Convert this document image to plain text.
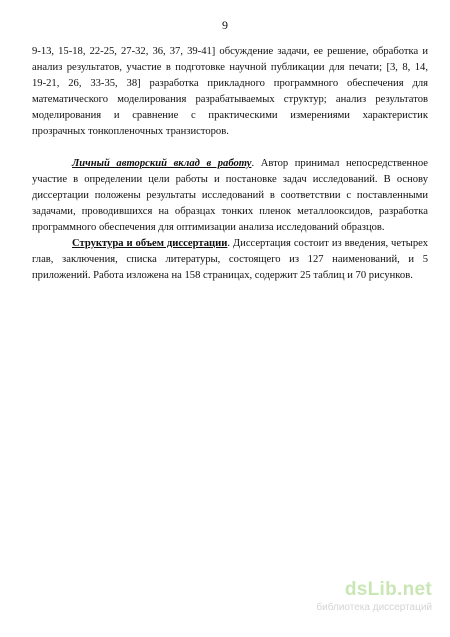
9
9-13, 15-18, 22-25, 27-32, 36, 37, 39-41] обсуждение задачи, ее решение, обработка и
анализ результатов, участие в подготовке научной публикации для печати; [3, 8, 14,
19-21, 26, 33-35, 38] разработка прикладного программного обеспечения для
математического моделирования разрабатываемых структур; анализ результатов
моделирования и сравнение с практическими измерениями характеристик
прозрачных тонкопленочных транзисторов.
Личный авторский вклад в работу. Автор принимал непосредственное
участие в определении цели работы и постановке задач исследований. В основу
диссертации положены результаты исследований в соответствии с поставленными
задачами, проводившихся на образцах тонких пленок металлооксидов, разработка
программного обеспечения для оптимизации анализа исследований образцов.
Структура и объем диссертации. Диссертация состоит из введения, четырех
глав, заключения, списка литературы, состоящего из 127 наименований, и 5
приложений. Работа изложена на 158 страницах, содержит 25 таблиц и 70 рисунков.
dsLib.net
библиотека диссертаций
